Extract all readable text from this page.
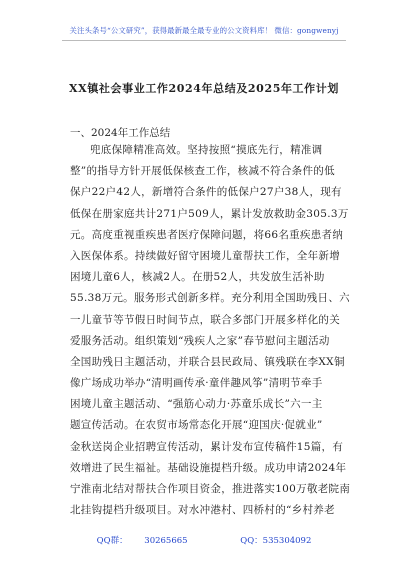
关注头条号“公文研究”，获得最新最全最专业的公文资料库！ 微信：gongwenyj
XX镇社会事业工作2024年总结及2025年工作计划
一、2024年工作总结
兜底保障精准高效。坚持按照“摸底先行，精准调
整”的指导方针开展低保核查工作，核减不符合条件的低
保户22户42人，新增符合条件的低保户27户38人，现有
低保在册家庭共计271户509人，累计发放救助金305.3万
元。高度重视重疾患者医疗保障问题，将66名重疾患者纳
入医保体系。持续做好留守困境儿童帮扶工作，全年新增
困境儿童6人，核减2人。在册52人，共发放生活补助
55.38万元。服务形式创新多样。充分利用全国助残日、六
一儿童节等节假日时间节点，联合多部门开展多样化的关
爱服务活动。组织策划“残疾人之家”春节慰问主题活动
全国助残日主题活动，并联合县民政局、镇残联在李XX铜
像广场成功举办“清明画传承·童伴趣风筝”清明节牵手
困境儿童主题活动、“强筋心动力·苏童乐成长”六一主
题宣传活动。在农贸市场常态化开展“迎国庆·促就业”
金秋送岗企业招聘宣传活动，累计发布宣传稿件15篇，有
效增进了民生福祉。基础设施提档升级。成功申请2024年
宁淮南北结对帮扶合作项目资金，推进落实100万敬老院南
北挂钩提档升级项目。对水冲港村、四桥村的“乡村养老
QQ群： 30265665	QQ：535304092
